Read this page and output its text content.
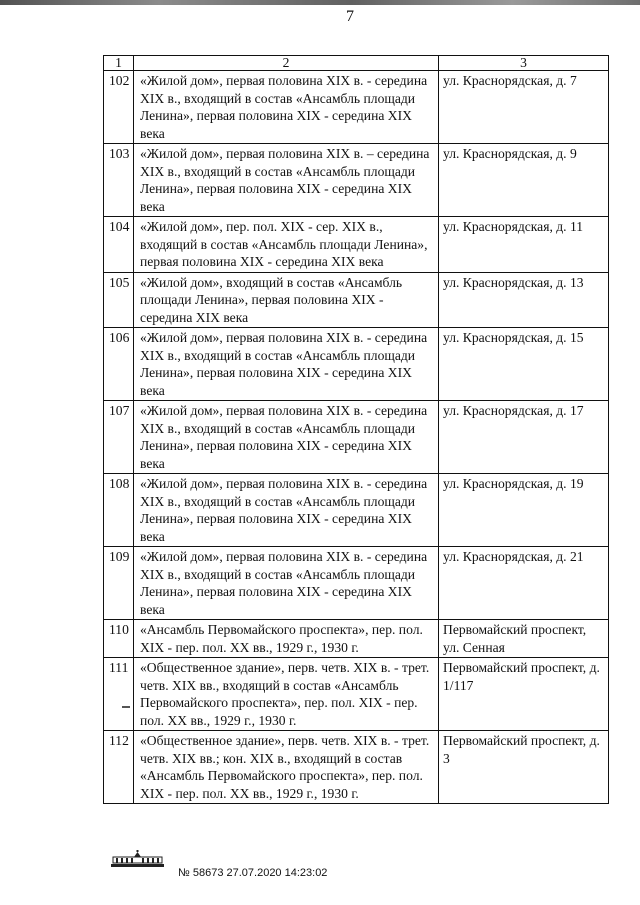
7
1	2	3
102	«Жилой дом», первая половина XIX в. - середина XIX в., входящий в состав «Ансамбль площади Ленина», первая половина XIX - середина XIX века	ул. Краснорядская, д. 7
103	«Жилой дом», первая половина XIX в. – середина XIX в., входящий в состав «Ансамбль площади Ленина», первая половина XIX - середина XIX века	ул. Краснорядская, д. 9
104	«Жилой дом», пер. пол. XIX - сер. XIX в., входящий в состав «Ансамбль площади Ленина», первая половина XIX - середина XIX века	ул. Краснорядская, д. 11
105	«Жилой дом», входящий в состав «Ансамбль площади Ленина», первая половина XIX - середина XIX века	ул. Краснорядская, д. 13
106	«Жилой дом», первая половина XIX в. - середина XIX в., входящий в состав «Ансамбль площади Ленина», первая половина XIX - середина XIX века	ул. Краснорядская, д. 15
107	«Жилой дом», первая половина XIX в. - середина XIX в., входящий в состав «Ансамбль площади Ленина», первая половина XIX - середина XIX века	ул. Краснорядская, д. 17
108	«Жилой дом», первая половина XIX в. - середина XIX в., входящий в состав «Ансамбль площади Ленина», первая половина XIX - середина XIX века	ул. Краснорядская, д. 19
109	«Жилой дом», первая половина XIX в. - середина XIX в., входящий в состав «Ансамбль площади Ленина», первая половина XIX - середина XIX века	ул. Краснорядская, д. 21
110	«Ансамбль Первомайского проспекта», пер. пол. XIX - пер. пол. XX вв., 1929 г., 1930 г.	Первомайский проспект, ул. Сенная
111	«Общественное здание», перв. четв. XIX в. - трет. четв. XIX вв., входящий в состав «Ансамбль Первомайского проспекта», пер. пол. XIX - пер. пол. XX вв., 1929 г., 1930 г.	Первомайский проспект, д. 1/117
112	«Общественное здание», перв. четв. XIX в. - трет. четв. XIX вв.; кон. XIX в., входящий в состав «Ансамбль Первомайского проспекта», пер. пол. XIX - пер. пол. XX вв., 1929 г., 1930 г.	Первомайский проспект, д. 3
№ 58673 27.07.2020 14:23:02
